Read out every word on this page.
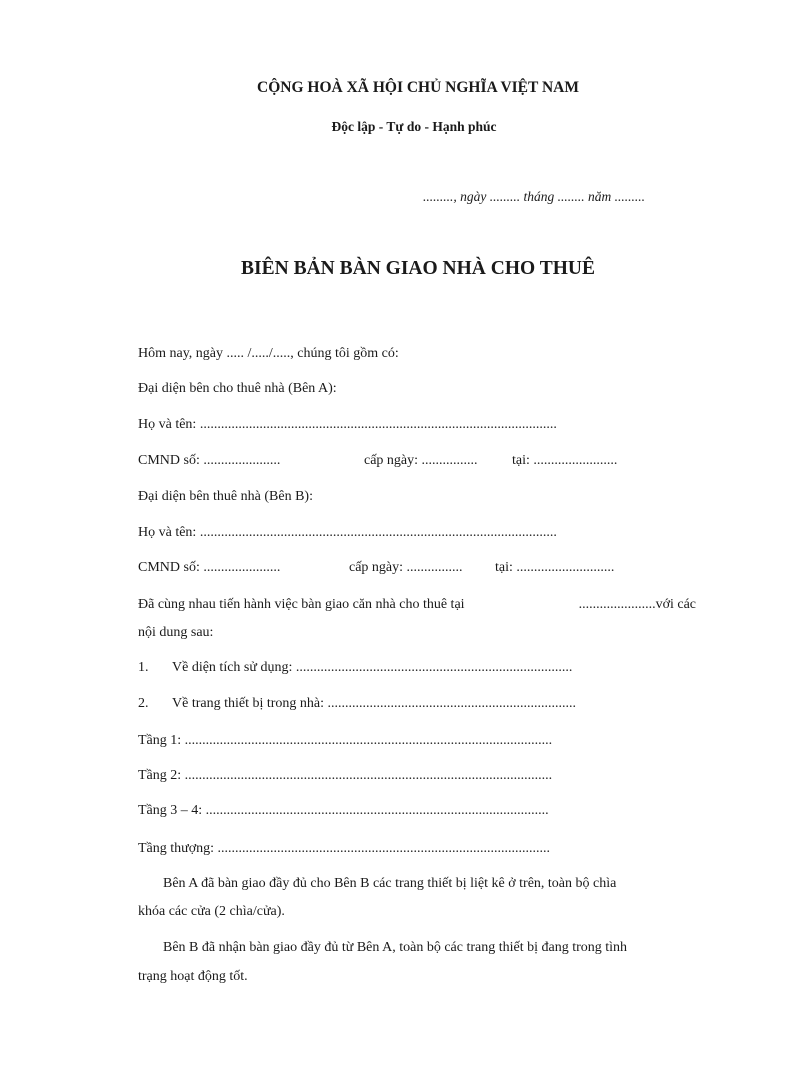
CỘNG HOÀ XÃ HỘI CHỦ NGHĨA VIỆT NAM
Độc lập - Tự do - Hạnh phúc
........., ngày ......... tháng ........ năm .........
BIÊN BẢN BÀN GIAO NHÀ CHO THUÊ
Hôm nay, ngày ..... /...../....., chúng tôi gồm có:
Đại diện bên cho thuê nhà (Bên A):
Họ và tên: ......................................................................................................
CMND số: ......................	cấp ngày: ................ tại: ........................
Đại diện bên thuê nhà (Bên B):
Họ và tên: ......................................................................................................
CMND số: ......................	cấp ngày: ................ tại: ............................
Đã cùng nhau tiến hành việc bàn giao căn nhà cho thuê tại	......................với các
nội dung sau:
1. Về diện tích sử dụng: ...............................................................................
2. Về trang thiết bị trong nhà: .......................................................................
Tầng 1: .........................................................................................................
Tầng 2: .........................................................................................................
Tầng 3 – 4: ..................................................................................................
Tầng thượng: ...............................................................................................
Bên A đã bàn giao đầy đủ cho Bên B các trang thiết bị liệt kê ở trên, toàn bộ chìa
khóa các cửa (2 chìa/cửa).
Bên B đã nhận bàn giao đầy đủ từ Bên A, toàn bộ các trang thiết bị đang trong tình
trạng hoạt động tốt.
